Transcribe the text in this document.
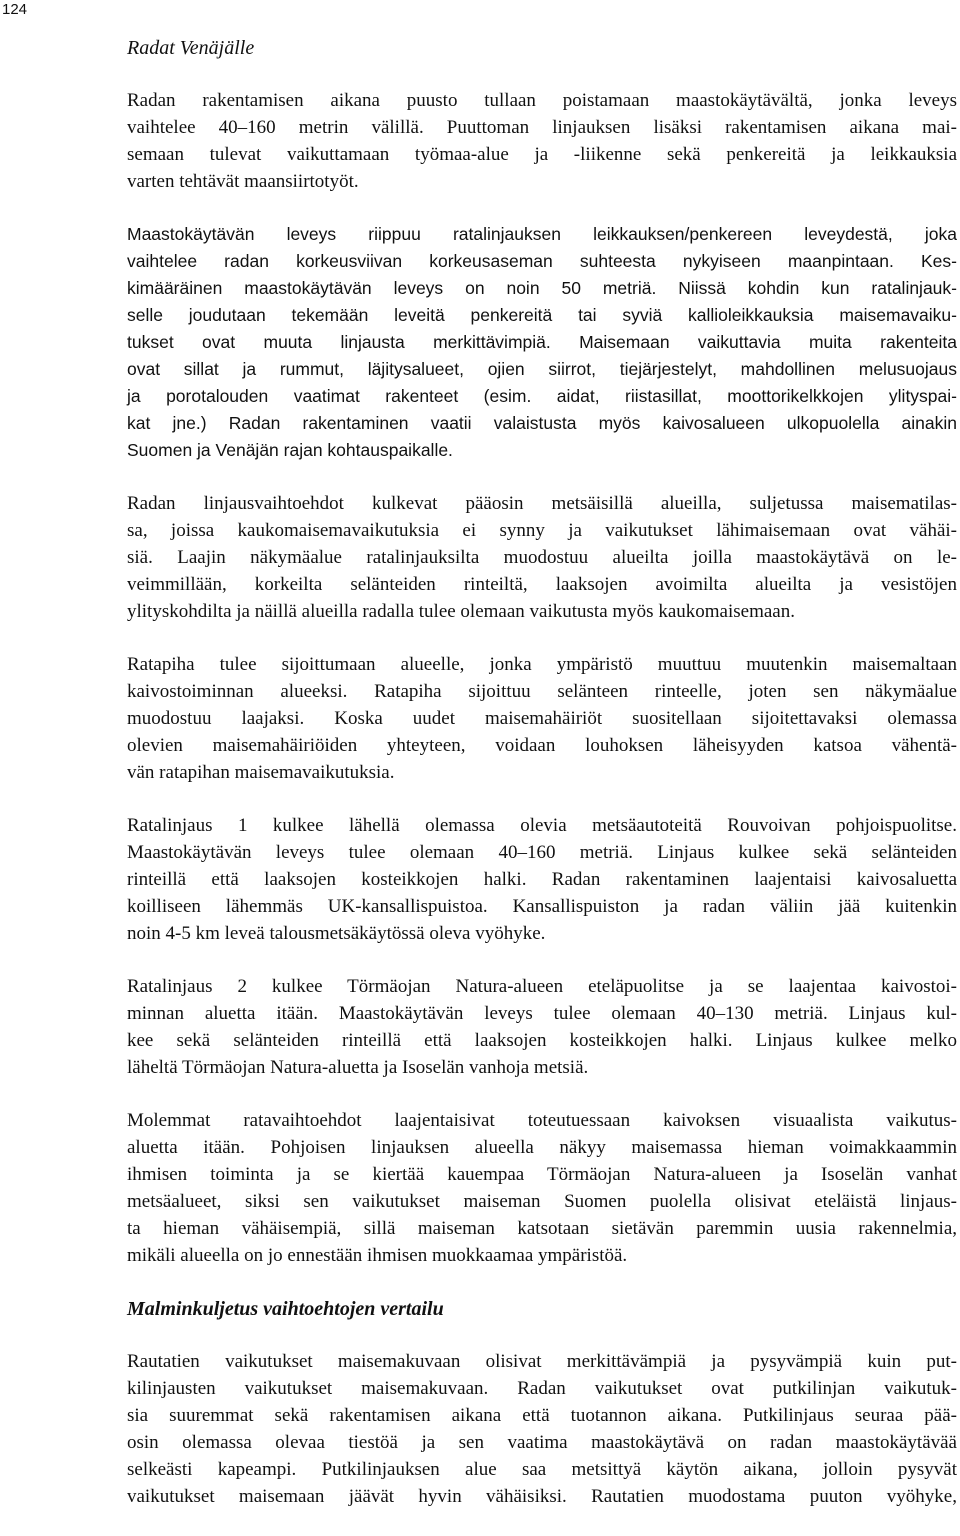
124
Radat Venäjälle
Radan rakentamisen aikana puusto tullaan poistamaan maastokäytävältä, jonka leveys
vaihtelee 40–160 metrin välillä. Puuttoman linjauksen lisäksi rakentamisen aikana mai-
semaan tulevat vaikuttamaan työmaa-alue ja -liikenne sekä penkereitä ja leikkauksia
varten tehtävät maansiirtotyöt.
Maastokäytävän leveys riippuu ratalinjauksen leikkauksen/penkereen leveydestä, joka
vaihtelee radan korkeusviivan korkeusaseman suhteesta nykyiseen maanpintaan. Kes-
kimääräinen maastokäytävän leveys on noin 50 metriä. Niissä kohdin kun ratalinjauk-
selle joudutaan tekemään leveitä penkereitä tai syviä kallioleikkauksia maisemavaiku-
tukset ovat muuta linjausta merkittävimpiä. Maisemaan vaikuttavia muita rakenteita
ovat sillat ja rummut, läjitysalueet, ojien siirrot, tiejärjestelyt, mahdollinen melusuojaus
ja porotalouden vaatimat rakenteet (esim. aidat, riistasillat, moottorikelkkojen ylityspai-
kat jne.) Radan rakentaminen vaatii valaistusta myös kaivosalueen ulkopuolella ainakin
Suomen ja Venäjän rajan kohtauspaikalle.
Radan linjausvaihtoehdot kulkevat pääosin metsäisillä alueilla, suljetussa maisematilas-
sa, joissa kaukomaisemavaikutuksia ei synny ja vaikutukset lähimaisemaan ovat vähäi-
siä. Laajin näkymäalue ratalinjauksilta muodostuu alueilta joilla maastokäytävä on le-
veimmillään, korkeilta selänteiden rinteiltä, laaksojen avoimilta alueilta ja vesistöjen
ylityskohdilta ja näillä alueilla radalla tulee olemaan vaikutusta myös kaukomaisemaan.
Ratapiha tulee sijoittumaan alueelle, jonka ympäristö muuttuu muutenkin maisemaltaan
kaivostoiminnan alueeksi. Ratapiha sijoittuu selänteen rinteelle, joten sen näkymäalue
muodostuu laajaksi. Koska uudet maisemahäiriöt suositellaan sijoitettavaksi olemassa
olevien maisemahäiriöiden yhteyteen, voidaan louhoksen läheisyyden katsoa vähentä-
vän ratapihan maisemavaikutuksia.
Ratalinjaus 1 kulkee lähellä olemassa olevia metsäautoteitä Rouvoivan pohjoispuolitse.
Maastokäytävän leveys tulee olemaan 40–160 metriä. Linjaus kulkee sekä selänteiden
rinteillä että laaksojen kosteikkojen halki. Radan rakentaminen laajentaisi kaivosaluetta
koilliseen lähemmäs UK-kansallispuistoa. Kansallispuiston ja radan väliin jää kuitenkin
noin 4-5 km leveä talousmetsäkäytössä oleva vyöhyke.
Ratalinjaus 2 kulkee Törmäojan Natura-alueen eteläpuolitse ja se laajentaa kaivostoi-
minnan aluetta itään. Maastokäytävän leveys tulee olemaan 40–130 metriä. Linjaus kul-
kee sekä selänteiden rinteillä että laaksojen kosteikkojen halki. Linjaus kulkee melko
läheltä Törmäojan Natura-aluetta ja Isoselän vanhoja metsiä.
Molemmat ratavaihtoehdot laajentaisivat toteutuessaan kaivoksen visuaalista vaikutus-
aluetta itään. Pohjoisen linjauksen alueella näkyy maisemassa hieman voimakkaammin
ihmisen toiminta ja se kiertää kauempaa Törmäojan Natura-alueen ja Isoselän vanhat
metsäalueet, siksi sen vaikutukset maiseman Suomen puolella olisivat eteläistä linjaus-
ta hieman vähäisempiä, sillä maiseman katsotaan sietävän paremmin uusia rakennelmia,
mikäli alueella on jo ennestään ihmisen muokkaamaa ympäristöä.
Malminkuljetus vaihtoehtojen vertailu
Rautatien vaikutukset maisemakuvaan olisivat merkittävämpiä ja pysyvämpiä kuin put-
kilinjausten vaikutukset maisemakuvaan. Radan vaikutukset ovat putkilinjan vaikutuk-
sia suuremmat sekä rakentamisen aikana että tuotannon aikana. Putkilinjaus seuraa pää-
osin olemassa olevaa tiestöä ja sen vaatima maastokäytävä on radan maastokäytävää
selkeästi kapeampi. Putkilinjauksen alue saa metsittyä käytön aikana, jolloin pysyvät
vaikutukset maisemaan jäävät hyvin vähäisiksi. Rautatien muodostama puuton vyöhyke,
